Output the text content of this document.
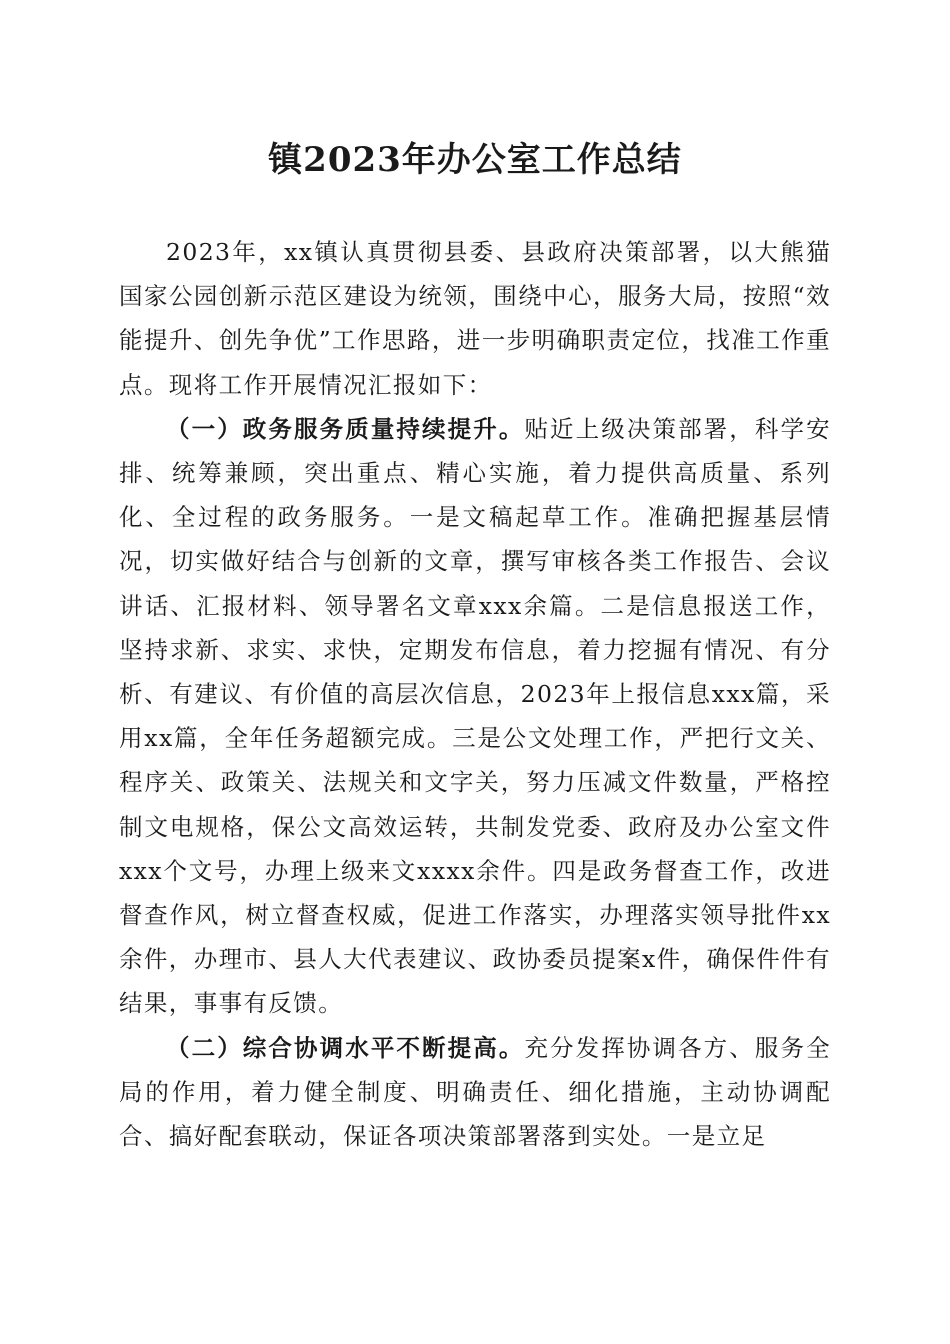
镇2023年办公室工作总结

2023年，xx镇认真贯彻县委、县政府决策部署，以大熊猫国家公园创新示范区建设为统领，围绕中心，服务大局，按照“效能提升、创先争优”工作思路，进一步明确职责定位，找准工作重点。现将工作开展情况汇报如下：

（一）政务服务质量持续提升。贴近上级决策部署，科学安排、统筹兼顾，突出重点、精心实施，着力提供高质量、系列化、全过程的政务服务。一是文稿起草工作。准确把握基层情况，切实做好结合与创新的文章，撰写审核各类工作报告、会议讲话、汇报材料、领导署名文章xxx余篇。二是信息报送工作，坚持求新、求实、求快，定期发布信息，着力挖掘有情况、有分析、有建议、有价值的高层次信息，2023年上报信息xxx篇，采用xx篇，全年任务超额完成。三是公文处理工作，严把行文关、程序关、政策关、法规关和文字关，努力压减文件数量，严格控制文电规格，保公文高效运转，共制发党委、政府及办公室文件xxx个文号，办理上级来文xxxx余件。四是政务督查工作，改进督查作风，树立督查权威，促进工作落实，办理落实领导批件xx余件，办理市、县人大代表建议、政协委员提案x件，确保件件有结果，事事有反馈。

（二）综合协调水平不断提高。充分发挥协调各方、服务全局的作用，着力健全制度、明确责任、细化措施，主动协调配合、搞好配套联动，保证各项决策部署落到实处。一是立足
